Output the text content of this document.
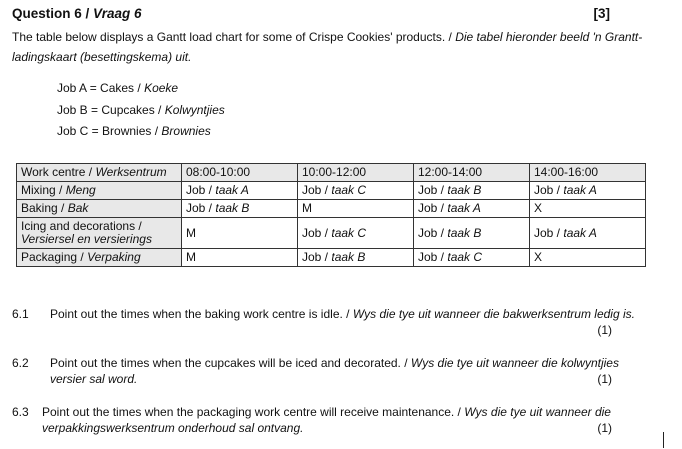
Question 6 / Vraag 6	[3]
The table below displays a Gantt load chart for some of Crispe Cookies' products. / Die tabel hieronder beeld 'n Grantt-ladingskaart (besettingskema) uit.
Job A = Cakes / Koeke
Job B = Cupcakes / Kolwyntjies
Job C = Brownies / Brownies
Work centre / Werksentrum	08:00-10:00	10:00-12:00	12:00-14:00	14:00-16:00
Mixing / Meng	Job / taak A	Job / taak C	Job / taak B	Job / taak A
Baking / Bak	Job / taak B	M	Job / taak A	X
Icing and decorations /
Versiersel en versierings	M	Job / taak C	Job / taak B	Job / taak A
Packaging / Verpaking	M	Job / taak B	Job / taak C	X
6.1 Point out the times when the baking work centre is idle. / Wys die tye uit wanneer die bakwerksentrum ledig is.
(1)
6.2 Point out the times when the cupcakes will be iced and decorated. / Wys die tye uit wanneer die kolwyntjies versier sal word.	(1)
6.3 Point out the times when the packaging work centre will receive maintenance. / Wys die tye uit wanneer die verpakkingswerksentrum onderhoud sal ontvang.	(1)
